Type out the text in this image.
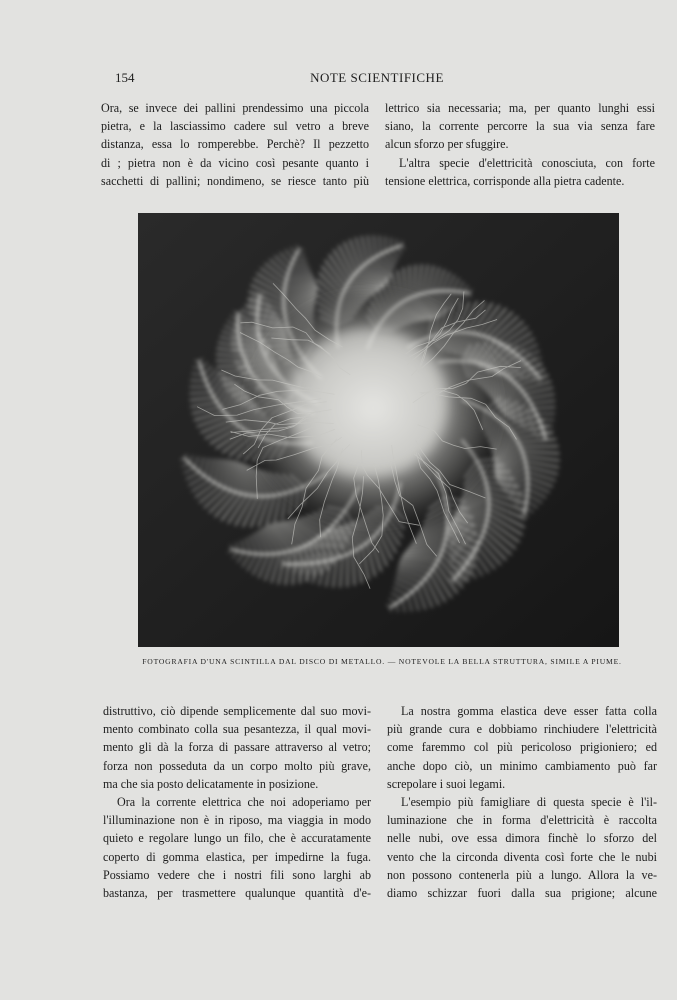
154	NOTE SCIENTIFICHE

Ora, se invece dei pallini prendessimo una piccola
pietra, e la lasciassimo cadere sul vetro a breve
distanza, essa lo romperebbe. Perchè? Il pezzetto
di ; pietra non è da vicino così pesante quanto i
sacchetti di pallini; nondimeno, se riesce tanto più

lettrico sia necessaria; ma, per quanto lunghi essi
siano, la corrente percorre la sua via senza fare
alcun sforzo per sfuggire.

L'altra specie d'elettricità conosciuta, con forte
tensione elettrica, corrisponde alla pietra cadente.

FOTOGRAFIA D'UNA SCINTILLA DAL DISCO DI METALLO. — NOTEVOLE LA BELLA STRUTTURA, SIMILE A PIUME.

distruttivo, ciò dipende semplicemente dal suo movi-
mento combinato colla sua pesantezza, il qual movi-
mento gli dà la forza di passare attraverso al vetro;
forza non posseduta da un corpo molto più grave,
ma che sia posto delicatamente in posizione.

Ora la corrente elettrica che noi adoperiamo per
l'illuminazione non è in riposo, ma viaggia in modo
quieto e regolare lungo un filo, che è accuratamente
coperto di gomma elastica, per impedirne la fuga.
Possiamo vedere che i nostri fili sono larghi ab
bastanza, per trasmettere qualunque quantità d'e-

La nostra gomma elastica deve esser fatta colla
più grande cura e dobbiamo rinchiudere l'elettricità
come faremmo col più pericoloso prigioniero; ed
anche dopo ciò, un minimo cambiamento può far
screpolare i suoi legami.

L'esempio più famigliare di questa specie è l'il-
luminazione che in forma d'elettricità è raccolta
nelle nubi, ove essa dimora finchè lo sforzo del
vento che la circonda diventa così forte che le nubi
non possono contenerla più a lungo. Allora la ve-
diamo schizzar fuori dalla sua prigione; alcune
